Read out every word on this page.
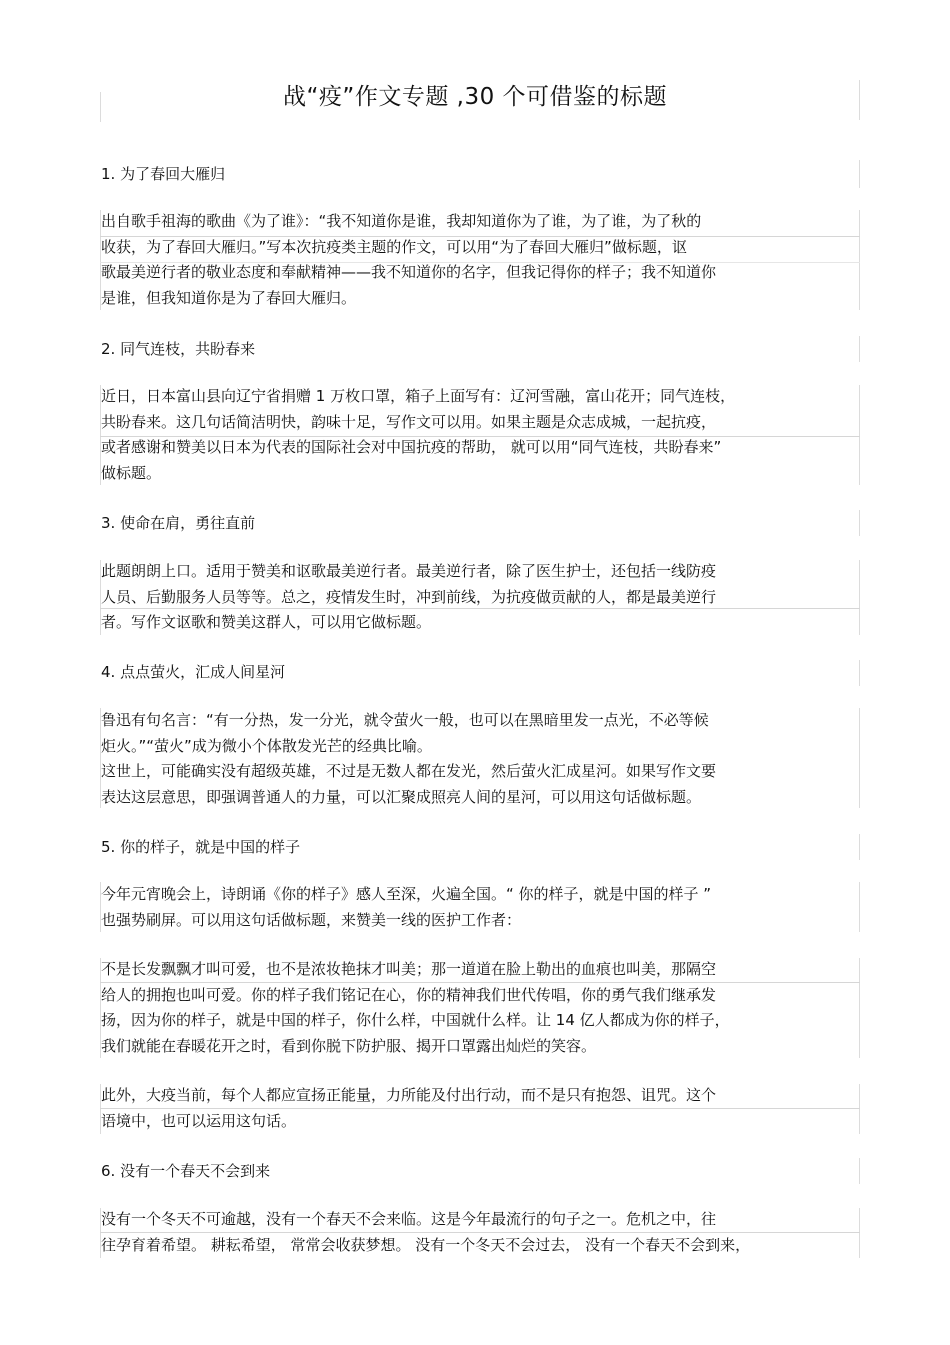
战“疫”作文专题 ,30 个可借鉴的标题
1. 为了春回大雁归
出自歌手祖海的歌曲《为了谁》：“我不知道你是谁，我却知道你为了谁，为了谁，为了秋的
收获，为了春回大雁归。”写本次抗疫类主题的作文，可以用“为了春回大雁归”做标题，讴
歌最美逆行者的敬业态度和奉献精神——我不知道你的名字，但我记得你的样子；我不知道你
是谁，但我知道你是为了春回大雁归。
2. 同气连枝，共盼春来
近日，日本富山县向辽宁省捐赠 1 万枚口罩，箱子上面写有：辽河雪融，富山花开；同气连枝，
共盼春来。这几句话简洁明快，韵味十足，写作文可以用。如果主题是众志成城，一起抗疫，
或者感谢和赞美以日本为代表的国际社会对中国抗疫的帮助， 就可以用“同气连枝，共盼春来”
做标题。
3. 使命在肩，勇往直前
此题朗朗上口。适用于赞美和讴歌最美逆行者。最美逆行者，除了医生护士，还包括一线防疫
人员、后勤服务人员等等。总之，疫情发生时，冲到前线，为抗疫做贡献的人，都是最美逆行
者。写作文讴歌和赞美这群人，可以用它做标题。
4. 点点萤火，汇成人间星河
鲁迅有句名言：“有一分热，发一分光，就令萤火一般，也可以在黑暗里发一点光，不必等候
炬火。”“萤火”成为微小个体散发光芒的经典比喻。
这世上，可能确实没有超级英雄，不过是无数人都在发光，然后萤火汇成星河。如果写作文要
表达这层意思，即强调普通人的力量，可以汇聚成照亮人间的星河，可以用这句话做标题。
5. 你的样子，就是中国的样子
今年元宵晚会上，诗朗诵《你的样子》感人至深，火遍全国。“ 你的样子，就是中国的样子 ”
也强势刷屏。可以用这句话做标题，来赞美一线的医护工作者：
不是长发飘飘才叫可爱，也不是浓妆艳抹才叫美；那一道道在脸上勒出的血痕也叫美，那隔空
给人的拥抱也叫可爱。你的样子我们铭记在心，你的精神我们世代传唱，你的勇气我们继承发
扬，因为你的样子，就是中国的样子，你什么样，中国就什么样。让 14 亿人都成为你的样子，
我们就能在春暖花开之时，看到你脱下防护服、揭开口罩露出灿烂的笑容。
此外，大疫当前，每个人都应宣扬正能量，力所能及付出行动，而不是只有抱怨、诅咒。这个
语境中，也可以运用这句话。
6. 没有一个春天不会到来
没有一个冬天不可逾越，没有一个春天不会来临。这是今年最流行的句子之一。危机之中，往
往孕育着希望。 耕耘希望， 常常会收获梦想。 没有一个冬天不会过去， 没有一个春天不会到来，
